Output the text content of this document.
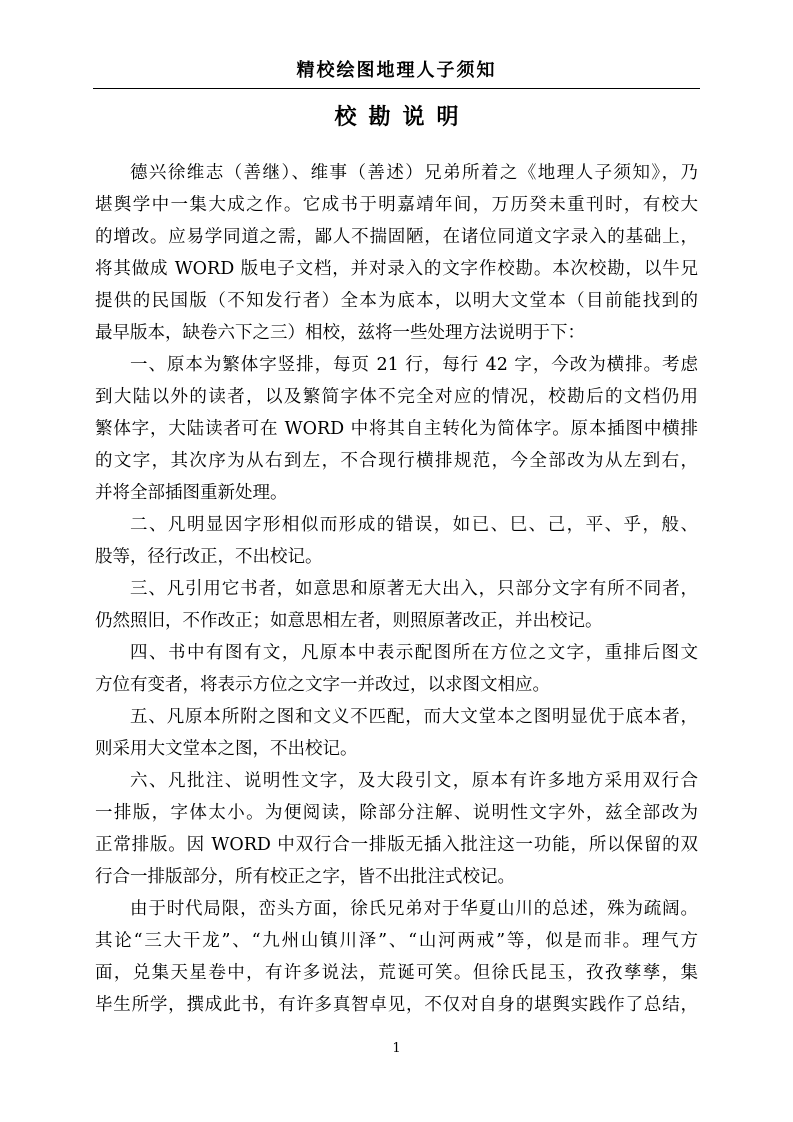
精校绘图地理人子须知
校勘说明
德兴徐维志（善继）、维事（善述）兄弟所着之《地理人子须知》，乃
堪舆学中一集大成之作。它成书于明嘉靖年间，万历癸未重刊时，有校大
的增改。应易学同道之需，鄙人不揣固陋，在诸位同道文字录入的基础上，
将其做成 WORD 版电子文档，并对录入的文字作校勘。本次校勘，以牛兄
提供的民国版（不知发行者）全本为底本，以明大文堂本（目前能找到的
最早版本，缺卷六下之三）相校，兹将一些处理方法说明于下：
一、原本为繁体字竖排，每页 21 行，每行 42 字，今改为横排。考虑
到大陆以外的读者，以及繁简字体不完全对应的情况，校勘后的文档仍用
繁体字，大陆读者可在 WORD 中将其自主转化为简体字。原本插图中横排
的文字，其次序为从右到左，不合现行横排规范，今全部改为从左到右，
并将全部插图重新处理。
二、凡明显因字形相似而形成的错误，如已、巳、己，平、乎，般、
股等，径行改正，不出校记。
三、凡引用它书者，如意思和原著无大出入，只部分文字有所不同者，
仍然照旧，不作改正；如意思相左者，则照原著改正，并出校记。
四、书中有图有文，凡原本中表示配图所在方位之文字，重排后图文
方位有变者，将表示方位之文字一并改过，以求图文相应。
五、凡原本所附之图和文义不匹配，而大文堂本之图明显优于底本者，
则采用大文堂本之图，不出校记。
六、凡批注、说明性文字，及大段引文，原本有许多地方采用双行合
一排版，字体太小。为便阅读，除部分注解、说明性文字外，兹全部改为
正常排版。因 WORD 中双行合一排版无插入批注这一功能，所以保留的双
行合一排版部分，所有校正之字，皆不出批注式校记。
由于时代局限，峦头方面，徐氏兄弟对于华夏山川的总述，殊为疏阔。
其论“三大干龙”、“九州山镇川泽”、“山河两戒”等，似是而非。理气方
面，兑集天星卷中，有许多说法，荒诞可笑。但徐氏昆玉，孜孜孳孳，集
毕生所学，撰成此书，有许多真智卓见，不仅对自身的堪舆实践作了总结，
1
